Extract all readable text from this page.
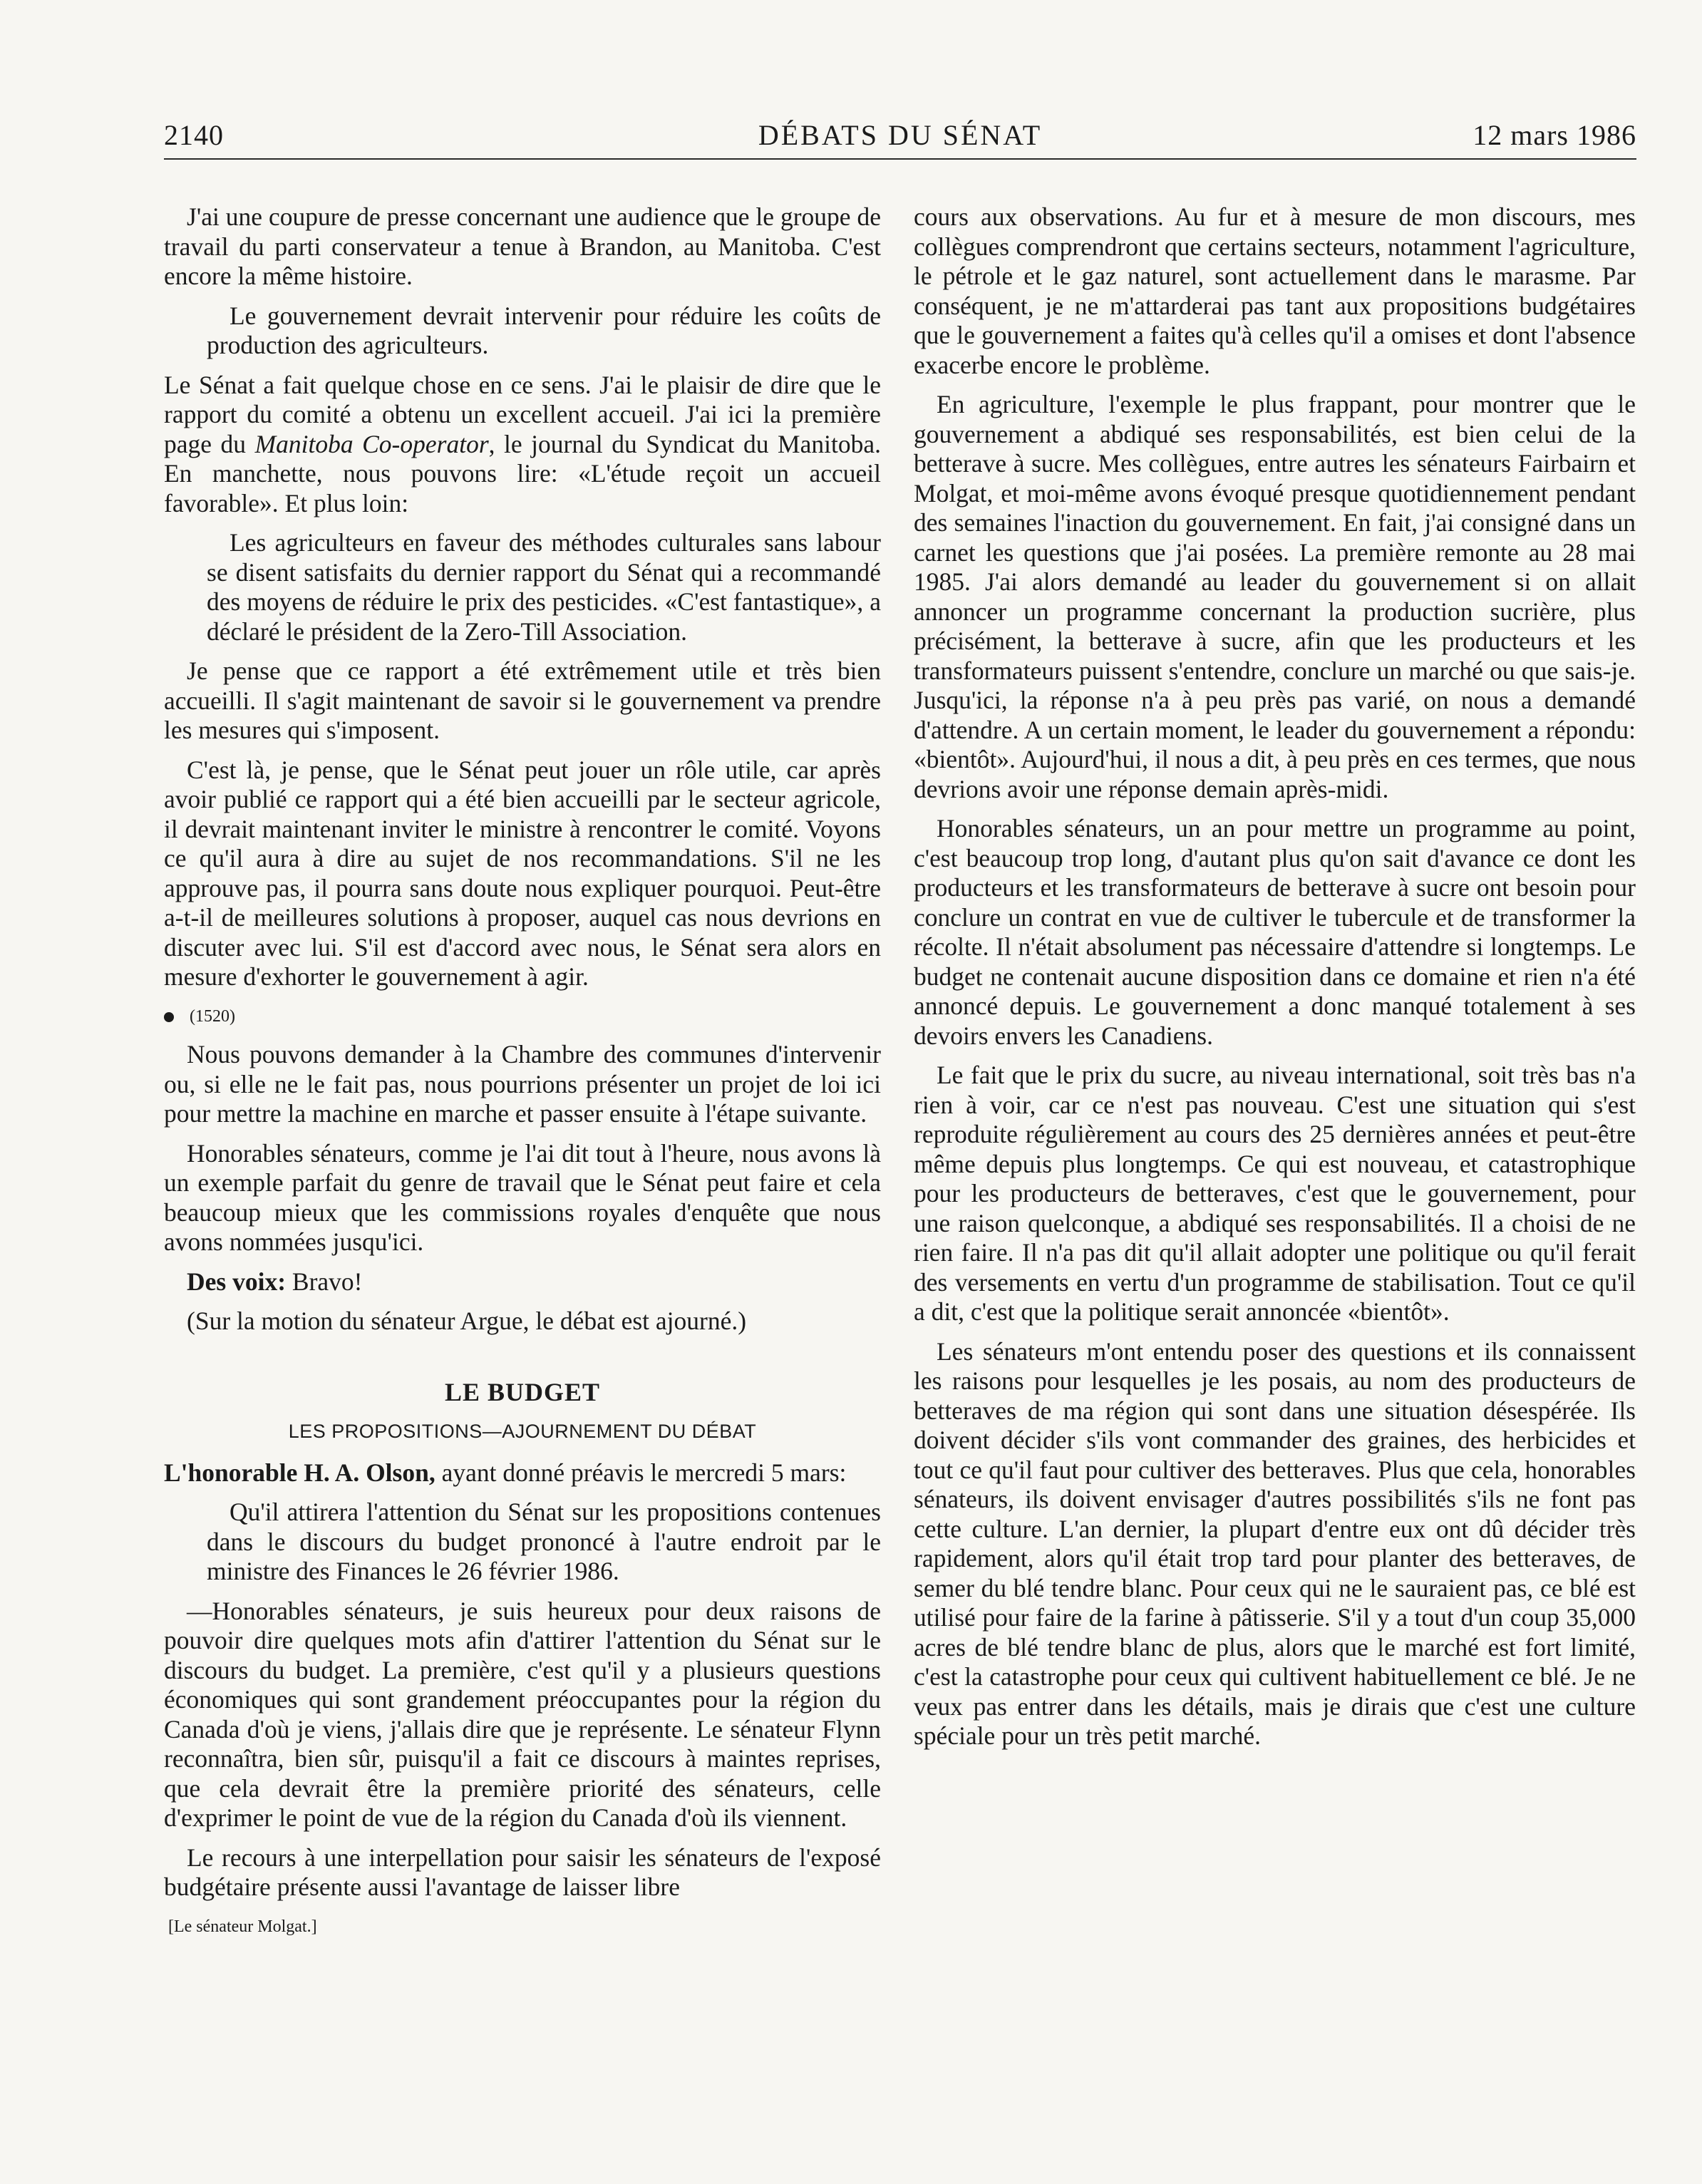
2140	DÉBATS DU SÉNAT	12 mars 1986

J'ai une coupure de presse concernant une audience que le groupe de travail du parti conservateur a tenue à Brandon, au Manitoba. C'est encore la même histoire.

Le gouvernement devrait intervenir pour réduire les coûts de production des agriculteurs.

Le Sénat a fait quelque chose en ce sens. J'ai le plaisir de dire que le rapport du comité a obtenu un excellent accueil. J'ai ici la première page du Manitoba Co-operator, le journal du Syndicat du Manitoba. En manchette, nous pouvons lire: «L'étude reçoit un accueil favorable». Et plus loin:

Les agriculteurs en faveur des méthodes culturales sans labour se disent satisfaits du dernier rapport du Sénat qui a recommandé des moyens de réduire le prix des pesticides. «C'est fantastique», a déclaré le président de la Zero-Till Association.

Je pense que ce rapport a été extrêmement utile et très bien accueilli. Il s'agit maintenant de savoir si le gouvernement va prendre les mesures qui s'imposent.

C'est là, je pense, que le Sénat peut jouer un rôle utile, car après avoir publié ce rapport qui a été bien accueilli par le secteur agricole, il devrait maintenant inviter le ministre à rencontrer le comité. Voyons ce qu'il aura à dire au sujet de nos recommandations. S'il ne les approuve pas, il pourra sans doute nous expliquer pourquoi. Peut-être a-t-il de meilleures solutions à proposer, auquel cas nous devrions en discuter avec lui. S'il est d'accord avec nous, le Sénat sera alors en mesure d'exhorter le gouvernement à agir.

(1520)

Nous pouvons demander à la Chambre des communes d'intervenir ou, si elle ne le fait pas, nous pourrions présenter un projet de loi ici pour mettre la machine en marche et passer ensuite à l'étape suivante.

Honorables sénateurs, comme je l'ai dit tout à l'heure, nous avons là un exemple parfait du genre de travail que le Sénat peut faire et cela beaucoup mieux que les commissions royales d'enquête que nous avons nommées jusqu'ici.

Des voix: Bravo!

(Sur la motion du sénateur Argue, le débat est ajourné.)

LE BUDGET

LES PROPOSITIONS—AJOURNEMENT DU DÉBAT

L'honorable H. A. Olson, ayant donné préavis le mercredi 5 mars:

Qu'il attirera l'attention du Sénat sur les propositions contenues dans le discours du budget prononcé à l'autre endroit par le ministre des Finances le 26 février 1986.

—Honorables sénateurs, je suis heureux pour deux raisons de pouvoir dire quelques mots afin d'attirer l'attention du Sénat sur le discours du budget. La première, c'est qu'il y a plusieurs questions économiques qui sont grandement préoccupantes pour la région du Canada d'où je viens, j'allais dire que je représente. Le sénateur Flynn reconnaîtra, bien sûr, puisqu'il a fait ce discours à maintes reprises, que cela devrait être la première priorité des sénateurs, celle d'exprimer le point de vue de la région du Canada d'où ils viennent.

Le recours à une interpellation pour saisir les sénateurs de l'exposé budgétaire présente aussi l'avantage de laisser libre

[Le sénateur Molgat.]

cours aux observations. Au fur et à mesure de mon discours, mes collègues comprendront que certains secteurs, notamment l'agriculture, le pétrole et le gaz naturel, sont actuellement dans le marasme. Par conséquent, je ne m'attarderai pas tant aux propositions budgétaires que le gouvernement a faites qu'à celles qu'il a omises et dont l'absence exacerbe encore le problème.

En agriculture, l'exemple le plus frappant, pour montrer que le gouvernement a abdiqué ses responsabilités, est bien celui de la betterave à sucre. Mes collègues, entre autres les sénateurs Fairbairn et Molgat, et moi-même avons évoqué presque quotidiennement pendant des semaines l'inaction du gouvernement. En fait, j'ai consigné dans un carnet les questions que j'ai posées. La première remonte au 28 mai 1985. J'ai alors demandé au leader du gouvernement si on allait annoncer un programme concernant la production sucrière, plus précisément, la betterave à sucre, afin que les producteurs et les transformateurs puissent s'entendre, conclure un marché ou que sais-je. Jusqu'ici, la réponse n'a à peu près pas varié, on nous a demandé d'attendre. A un certain moment, le leader du gouvernement a répondu: «bientôt». Aujourd'hui, il nous a dit, à peu près en ces termes, que nous devrions avoir une réponse demain après-midi.

Honorables sénateurs, un an pour mettre un programme au point, c'est beaucoup trop long, d'autant plus qu'on sait d'avance ce dont les producteurs et les transformateurs de betterave à sucre ont besoin pour conclure un contrat en vue de cultiver le tubercule et de transformer la récolte. Il n'était absolument pas nécessaire d'attendre si longtemps. Le budget ne contenait aucune disposition dans ce domaine et rien n'a été annoncé depuis. Le gouvernement a donc manqué totalement à ses devoirs envers les Canadiens.

Le fait que le prix du sucre, au niveau international, soit très bas n'a rien à voir, car ce n'est pas nouveau. C'est une situation qui s'est reproduite régulièrement au cours des 25 dernières années et peut-être même depuis plus longtemps. Ce qui est nouveau, et catastrophique pour les producteurs de betteraves, c'est que le gouvernement, pour une raison quelconque, a abdiqué ses responsabilités. Il a choisi de ne rien faire. Il n'a pas dit qu'il allait adopter une politique ou qu'il ferait des versements en vertu d'un programme de stabilisation. Tout ce qu'il a dit, c'est que la politique serait annoncée «bientôt».

Les sénateurs m'ont entendu poser des questions et ils connaissent les raisons pour lesquelles je les posais, au nom des producteurs de betteraves de ma région qui sont dans une situation désespérée. Ils doivent décider s'ils vont commander des graines, des herbicides et tout ce qu'il faut pour cultiver des betteraves. Plus que cela, honorables sénateurs, ils doivent envisager d'autres possibilités s'ils ne font pas cette culture. L'an dernier, la plupart d'entre eux ont dû décider très rapidement, alors qu'il était trop tard pour planter des betteraves, de semer du blé tendre blanc. Pour ceux qui ne le sauraient pas, ce blé est utilisé pour faire de la farine à pâtisserie. S'il y a tout d'un coup 35,000 acres de blé tendre blanc de plus, alors que le marché est fort limité, c'est la catastrophe pour ceux qui cultivent habituellement ce blé. Je ne veux pas entrer dans les détails, mais je dirais que c'est une culture spéciale pour un très petit marché.
